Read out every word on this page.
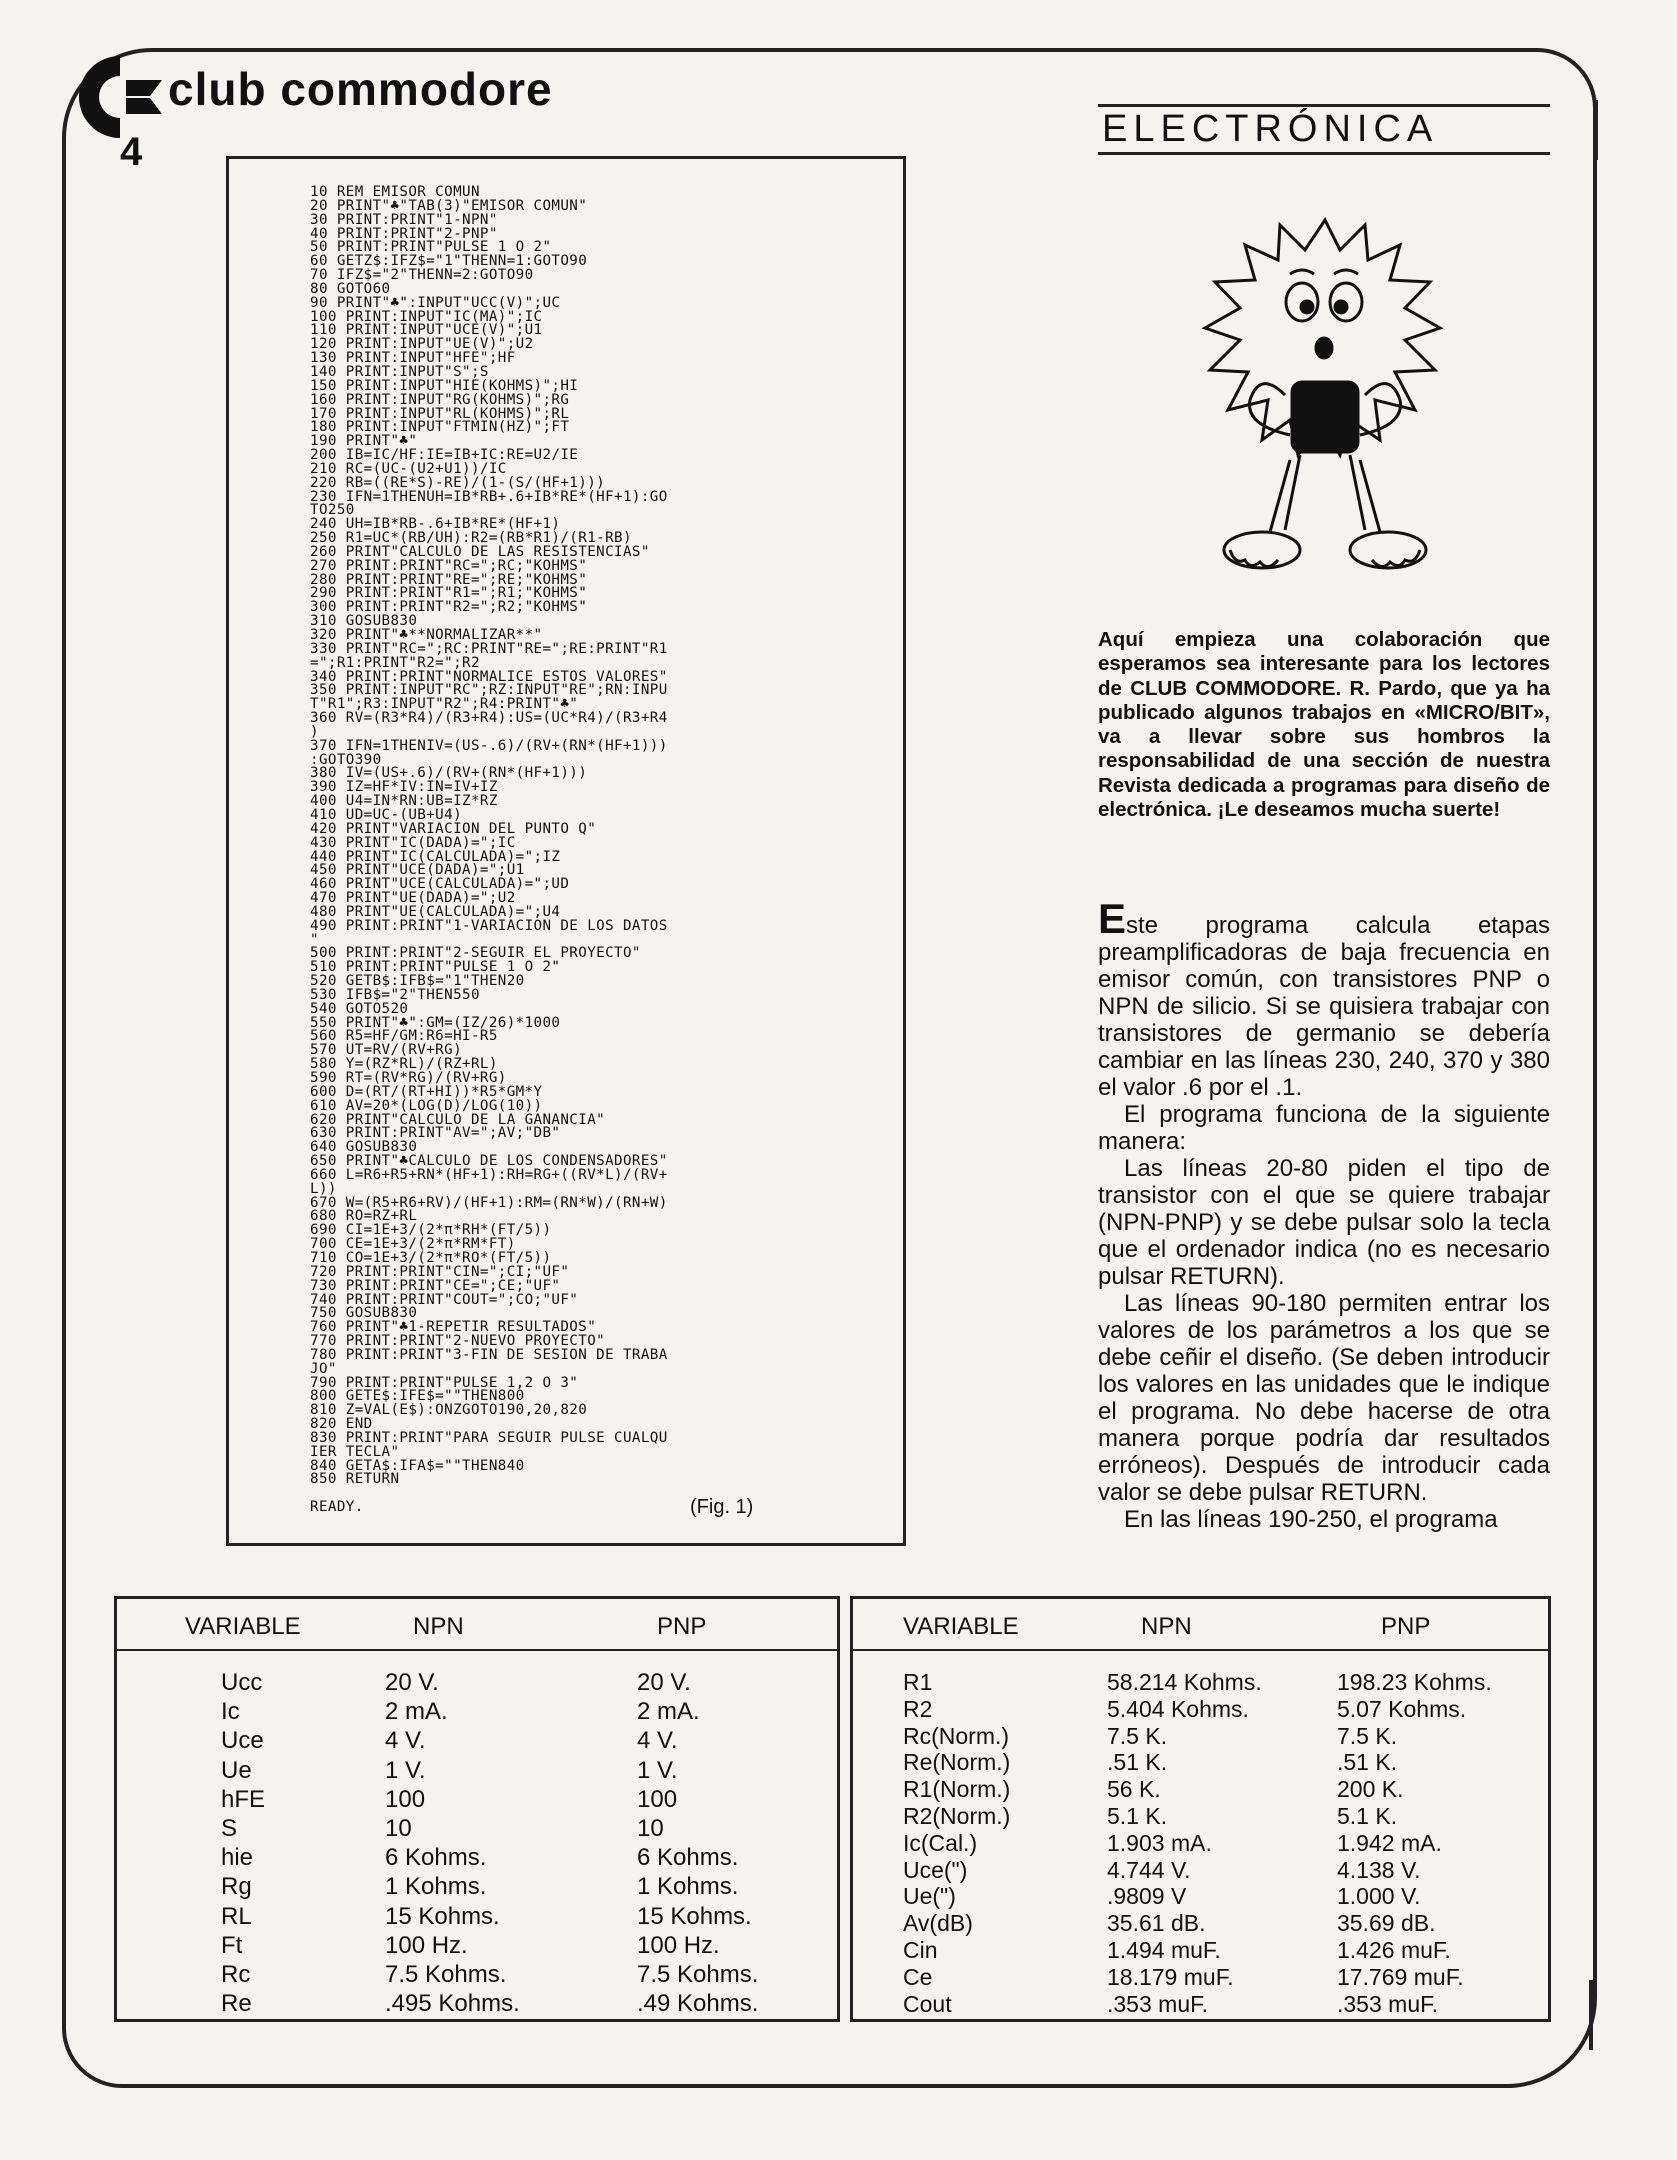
club commodore
4
ELECTRÓNICA
10 REM EMISOR COMUN
20 PRINT"♣"TAB(3)"EMISOR COMUN"
30 PRINT:PRINT"1-NPN"
40 PRINT:PRINT"2-PNP"
50 PRINT:PRINT"PULSE 1 O 2"
60 GETZ$:IFZ$="1"THENN=1:GOTO90
70 IFZ$="2"THENN=2:GOTO90
80 GOTO60
90 PRINT"♣":INPUT"UCC(V)";UC
100 PRINT:INPUT"IC(MA)";IC
110 PRINT:INPUT"UCE(V)";U1
120 PRINT:INPUT"UE(V)";U2
130 PRINT:INPUT"HFE";HF
140 PRINT:INPUT"S";S
150 PRINT:INPUT"HIE(KOHMS)";HI
160 PRINT:INPUT"RG(KOHMS)";RG
170 PRINT:INPUT"RL(KOHMS)";RL
180 PRINT:INPUT"FTMIN(HZ)";FT
190 PRINT"♣"
200 IB=IC/HF:IE=IB+IC:RE=U2/IE
210 RC=(UC-(U2+U1))/IC
220 RB=((RE*S)-RE)/(1-(S/(HF+1)))
230 IFN=1THENUH=IB*RB+.6+IB*RE*(HF+1):GO
TO250
240 UH=IB*RB-.6+IB*RE*(HF+1)
250 R1=UC*(RB/UH):R2=(RB*R1)/(R1-RB)
260 PRINT"CALCULO DE LAS RESISTENCIAS"
270 PRINT:PRINT"RC=";RC;"KOHMS"
280 PRINT:PRINT"RE=";RE;"KOHMS"
290 PRINT:PRINT"R1=";R1;"KOHMS"
300 PRINT:PRINT"R2=";R2;"KOHMS"
310 GOSUB830
320 PRINT"♣**NORMALIZAR**"
330 PRINT"RC=";RC:PRINT"RE=";RE:PRINT"R1
=";R1:PRINT"R2=";R2
340 PRINT:PRINT"NORMALICE ESTOS VALORES"
350 PRINT:INPUT"RC";RZ:INPUT"RE";RN:INPU
T"R1";R3:INPUT"R2";R4:PRINT"♣"
360 RV=(R3*R4)/(R3+R4):US=(UC*R4)/(R3+R4
)
370 IFN=1THENIV=(US-.6)/(RV+(RN*(HF+1)))
:GOTO390
380 IV=(US+.6)/(RV+(RN*(HF+1)))
390 IZ=HF*IV:IN=IV+IZ
400 U4=IN*RN:UB=IZ*RZ
410 UD=UC-(UB+U4)
420 PRINT"VARIACION DEL PUNTO Q"
430 PRINT"IC(DADA)=";IC
440 PRINT"IC(CALCULADA)=";IZ
450 PRINT"UCE(DADA)=";U1
460 PRINT"UCE(CALCULADA)=";UD
470 PRINT"UE(DADA)=";U2
480 PRINT"UE(CALCULADA)=";U4
490 PRINT:PRINT"1-VARIACION DE LOS DATOS
"
500 PRINT:PRINT"2-SEGUIR EL PROYECTO"
510 PRINT:PRINT"PULSE 1 O 2"
520 GETB$:IFB$="1"THEN20
530 IFB$="2"THEN550
540 GOTO520
550 PRINT"♣":GM=(IZ/26)*1000
560 R5=HF/GM:R6=HI-R5
570 UT=RV/(RV+RG)
580 Y=(RZ*RL)/(RZ+RL)
590 RT=(RV*RG)/(RV+RG)
600 D=(RT/(RT+HI))*R5*GM*Y
610 AV=20*(LOG(D)/LOG(10))
620 PRINT"CALCULO DE LA GANANCIA"
630 PRINT:PRINT"AV=";AV;"DB"
640 GOSUB830
650 PRINT"♣CALCULO DE LOS CONDENSADORES"
660 L=R6+R5+RN*(HF+1):RH=RG+((RV*L)/(RV+
L))
670 W=(R5+R6+RV)/(HF+1):RM=(RN*W)/(RN+W)
680 RO=RZ+RL
690 CI=1E+3/(2*π*RH*(FT/5))
700 CE=1E+3/(2*π*RM*FT)
710 CO=1E+3/(2*π*RO*(FT/5))
720 PRINT:PRINT"CIN=";CI;"UF"
730 PRINT:PRINT"CE=";CE;"UF"
740 PRINT:PRINT"COUT=";CO;"UF"
750 GOSUB830
760 PRINT"♣1-REPETIR RESULTADOS"
770 PRINT:PRINT"2-NUEVO PROYECTO"
780 PRINT:PRINT"3-FIN DE SESION DE TRABA
JO"
790 PRINT:PRINT"PULSE 1,2 O 3"
800 GETE$:IFE$=""THEN800
810 Z=VAL(E$):ONZGOTO190,20,820
820 END
830 PRINT:PRINT"PARA SEGUIR PULSE CUALQU
IER TECLA"
840 GETA$:IFA$=""THEN840
850 RETURN

READY.	(Fig. 1)
Aquí empieza una colaboración que esperamos sea interesante para los lectores de CLUB COMMODORE. R. Pardo, que ya ha publicado algunos trabajos en «MICRO/BIT», va a llevar sobre sus hombros la responsabilidad de una sección de nuestra Revista dedicada a programas para diseño de electrónica. ¡Le deseamos mucha suerte!

Este programa calcula etapas preamplificadoras de baja frecuencia en emisor común, con transistores PNP o NPN de silicio. Si se quisiera trabajar con transistores de germanio se debería cambiar en las líneas 230, 240, 370 y 380 el valor .6 por el .1.

El programa funciona de la siguiente manera:

Las líneas 20-80 piden el tipo de transistor con el que se quiere trabajar (NPN-PNP) y se debe pulsar solo la tecla que el ordenador indica (no es necesario pulsar RETURN).

Las líneas 90-180 permiten entrar los valores de los parámetros a los que se debe ceñir el diseño. (Se deben introducir los valores en las unidades que le indique el programa. No debe hacerse de otra manera porque podría dar resultados erróneos). Después de introducir cada valor se debe pulsar RETURN.

En las líneas 190-250, el programa

VARIABLE	NPN	PNP
Ucc	20 V.	20 V.
Ic	2 mA.	2 mA.
Uce	4 V.	4 V.
Ue	1 V.	1 V.
hFE	100	100
S	10	10
hie	6 Kohms.	6 Kohms.
Rg	1 Kohms.	1 Kohms.
RL	15 Kohms.	15 Kohms.
Ft	100 Hz.	100 Hz.
Rc	7.5 Kohms.	7.5 Kohms.
Re	.495 Kohms.	.49 Kohms.
VARIABLE	NPN	PNP
R1	58.214 Kohms.	198.23 Kohms.
R2	5.404 Kohms.	5.07 Kohms.
Rc(Norm.)	7.5 K.	7.5 K.
Re(Norm.)	.51 K.	.51 K.
R1(Norm.)	56 K.	200 K.
R2(Norm.)	5.1 K.	5.1 K.
Ic(Cal.)	1.903 mA.	1.942 mA.
Uce(")	4.744 V.	4.138 V.
Ue(")	.9809 V	1.000 V.
Av(dB)	35.61 dB.	35.69 dB.
Cin	1.494 muF.	1.426 muF.
Ce	18.179 muF.	17.769 muF.
Cout	.353 muF.	.353 muF.
